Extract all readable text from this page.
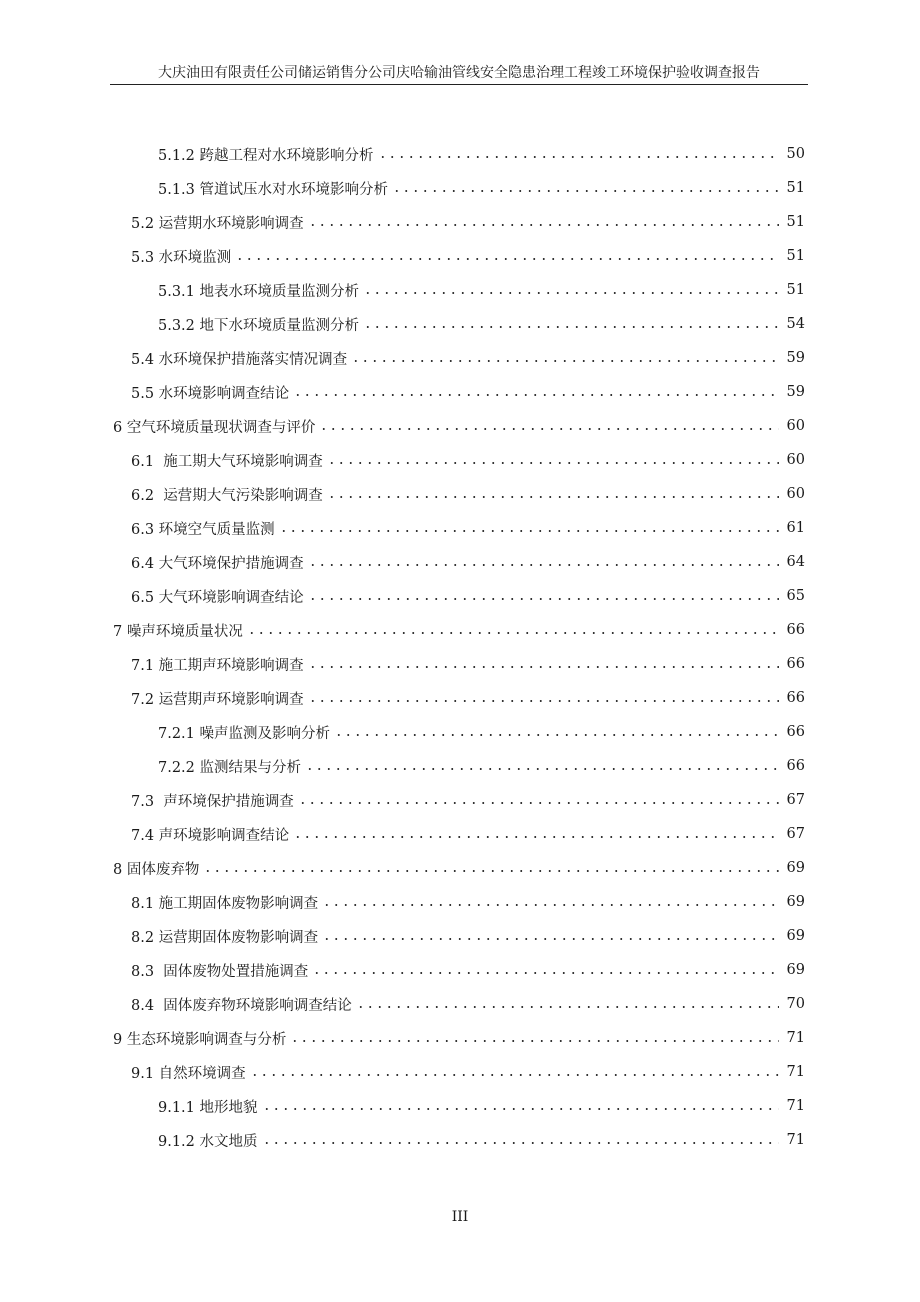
大庆油田有限责任公司储运销售分公司庆哈输油管线安全隐患治理工程竣工环境保护验收调查报告
5.1.2 跨越工程对水环境影响分析	50
5.1.3 管道试压水对水环境影响分析	51
5.2 运营期水环境影响调查	51
5.3 水环境监测	51
5.3.1 地表水环境质量监测分析	51
5.3.2 地下水环境质量监测分析	54
5.4 水环境保护措施落实情况调查	59
5.5 水环境影响调查结论	59
6 空气环境质量现状调查与评价	60
6.1  施工期大气环境影响调查	60
6.2  运营期大气污染影响调查	60
6.3 环境空气质量监测	61
6.4 大气环境保护措施调查	64
6.5 大气环境影响调查结论	65
7 噪声环境质量状况	66
7.1 施工期声环境影响调查	66
7.2 运营期声环境影响调查	66
7.2.1 噪声监测及影响分析	66
7.2.2 监测结果与分析	66
7.3  声环境保护措施调查	67
7.4 声环境影响调查结论	67
8 固体废弃物	69
8.1 施工期固体废物影响调查	69
8.2 运营期固体废物影响调查	69
8.3  固体废物处置措施调查	69
8.4  固体废弃物环境影响调查结论	70
9 生态环境影响调查与分析	71
9.1 自然环境调查	71
9.1.1 地形地貌	71
9.1.2 水文地质	71
III
